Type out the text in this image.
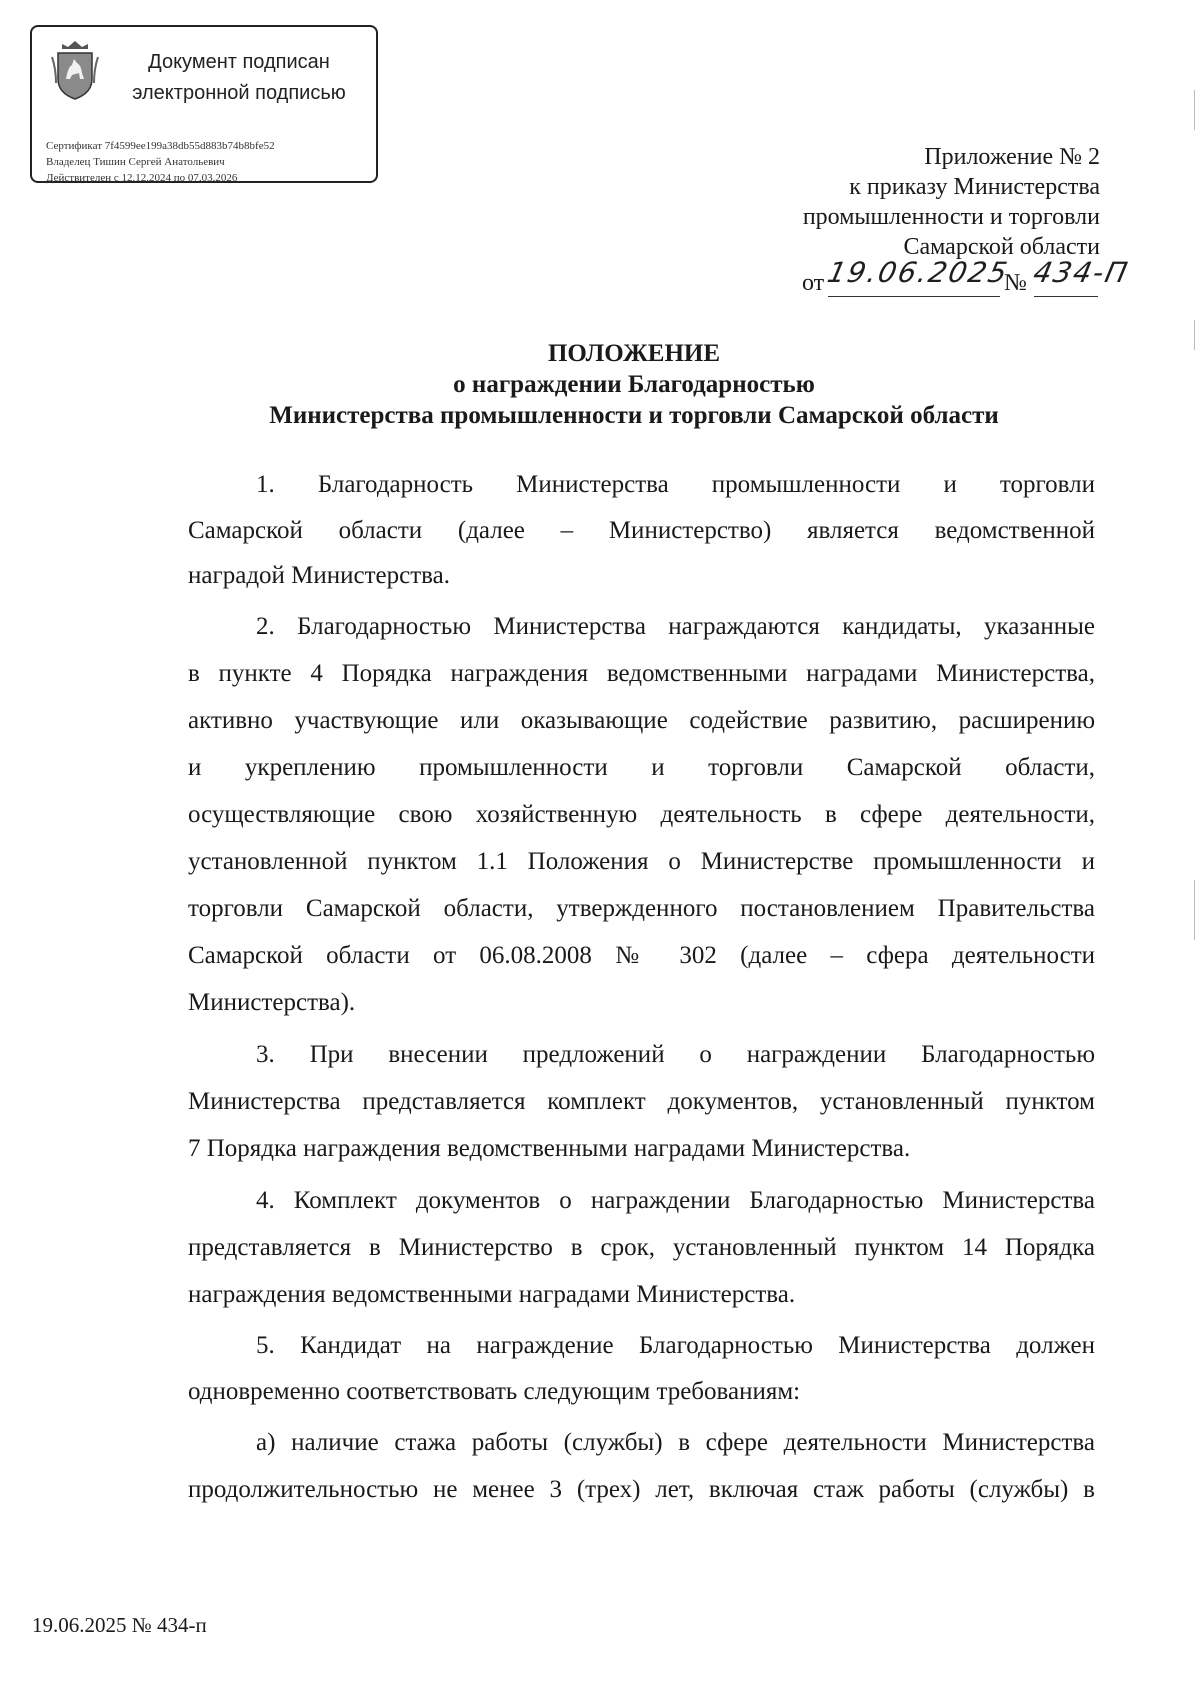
Документ подписан
электронной подписью
Сертификат 7f4599ee199a38db55d883b74b8bfe52
Владелец Тишин Сергей Анатольевич
Действителен с 12.12.2024 по 07.03.2026
Приложение № 2
к приказу Министерства
промышленности и торговли
Самарской области
от 19.06.2025
№ 434-П
ПОЛОЖЕНИЕ
о награждении Благодарностью
Министерства промышленности и торговли Самарской области
1. Благодарность Министерства промышленности и торговли
Самарской области (далее – Министерство) является ведомственной
наградой Министерства.
2. Благодарностью Министерства награждаются кандидаты, указанные
в пункте 4 Порядка награждения ведомственными наградами Министерства,
активно участвующие или оказывающие содействие развитию, расширению
и укреплению промышленности и торговли Самарской области,
осуществляющие свою хозяйственную деятельность в сфере деятельности,
установленной пунктом 1.1 Положения о Министерстве промышленности и
торговли Самарской области, утвержденного постановлением Правительства
Самарской области от 06.08.2008 № 302 (далее – сфера деятельности
Министерства).
3. При внесении предложений о награждении Благодарностью
Министерства представляется комплект документов, установленный пунктом
7 Порядка награждения ведомственными наградами Министерства.
4. Комплект документов о награждении Благодарностью Министерства
представляется в Министерство в срок, установленный пунктом 14 Порядка
награждения ведомственными наградами Министерства.
5. Кандидат на награждение Благодарностью Министерства должен
одновременно соответствовать следующим требованиям:
а) наличие стажа работы (службы) в сфере деятельности Министерства
продолжительностью не менее 3 (трех) лет, включая стаж работы (службы) в
19.06.2025 № 434-п
